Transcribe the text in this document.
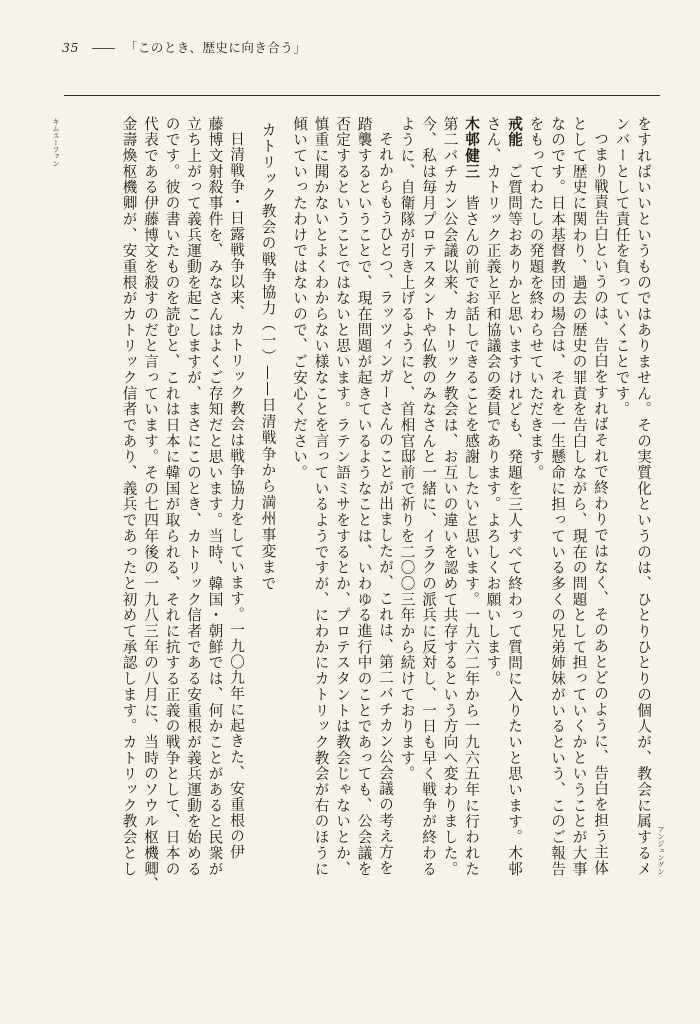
35 —— 「このとき、歴史に向き合う」
をすればいいというものではありません。その実質化というのは、ひとりひとりの個人が、教会に属するメ
ンバーとして責任を負っていくことです。
つまり戦責告白というのは、告白をすればそれで終わりではなく、そのあとどのように、告白を担う主体
として歴史に関わり、過去の歴史の罪責を告白しながら、現在の問題として担っていくかということが大事
なのです。日本基督教団の場合は、それを一生懸命に担っている多くの兄弟姉妹がいるという、このご報告
をもってわたしの発題を終わらせていただきます。
戒能　ご質問等おありかと思いますけれども、発題を三人すべて終わって質問に入りたいと思います。木邨
さん、カトリック正義と平和協議会の委員であります。よろしくお願いします。
木邨健三　皆さんの前でお話しできることを感謝したいと思います。一九六二年から一九六五年に行われた
第二バチカン公会議以来、カトリック教会は、お互いの違いを認めて共存するという方向へ変わりました。
今、私は毎月プロテスタントや仏教のみなさんと一緒に、イラクの派兵に反対し、一日も早く戦争が終わる
ように、自衛隊が引き上げるようにと、首相官邸前で祈りを二〇〇三年から続けております。
それからもうひとつ、ラッツィンガーさんのことが出ましたが、これは、第二バチカン公会議の考え方を
踏襲するということで、現在問題が起きているようなことは、いわゆる進行中のことであっても、公会議を
否定するということではないと思います。ラテン語ミサをするとか、プロテスタントは教会じゃないとか、
慎重に聞かないとよくわからない様なことを言っているようですが、にわかにカトリック教会が右のほうに
傾いていったわけではないので、ご安心ください。
カトリック教会の戦争協力（一）——日清戦争から満州事変まで
日清戦争・日露戦争以来、カトリック教会は戦争協力をしています。一九〇九年に起きた、安重根の伊
藤博文射殺事件を、みなさんはよくご存知だと思います。当時、韓国・朝鮮では、何かことがあると民衆が
立ち上がって義兵運動を起こしますが、まさにこのとき、カトリック信者である安重根が義兵運動を始める
のです。彼の書いたものを読むと、これは日本に韓国が取られる、それに抗する正義の戦争として、日本の
代表である伊藤博文を殺すのだと言っています。その七四年後の一九八三年の八月に、当時のソウル枢機卿、
金壽煥枢機卿が、安重根がカトリック信者であり、義兵であったと初めて承認します。カトリック教会とし	アンジュングン
キムスーファン
